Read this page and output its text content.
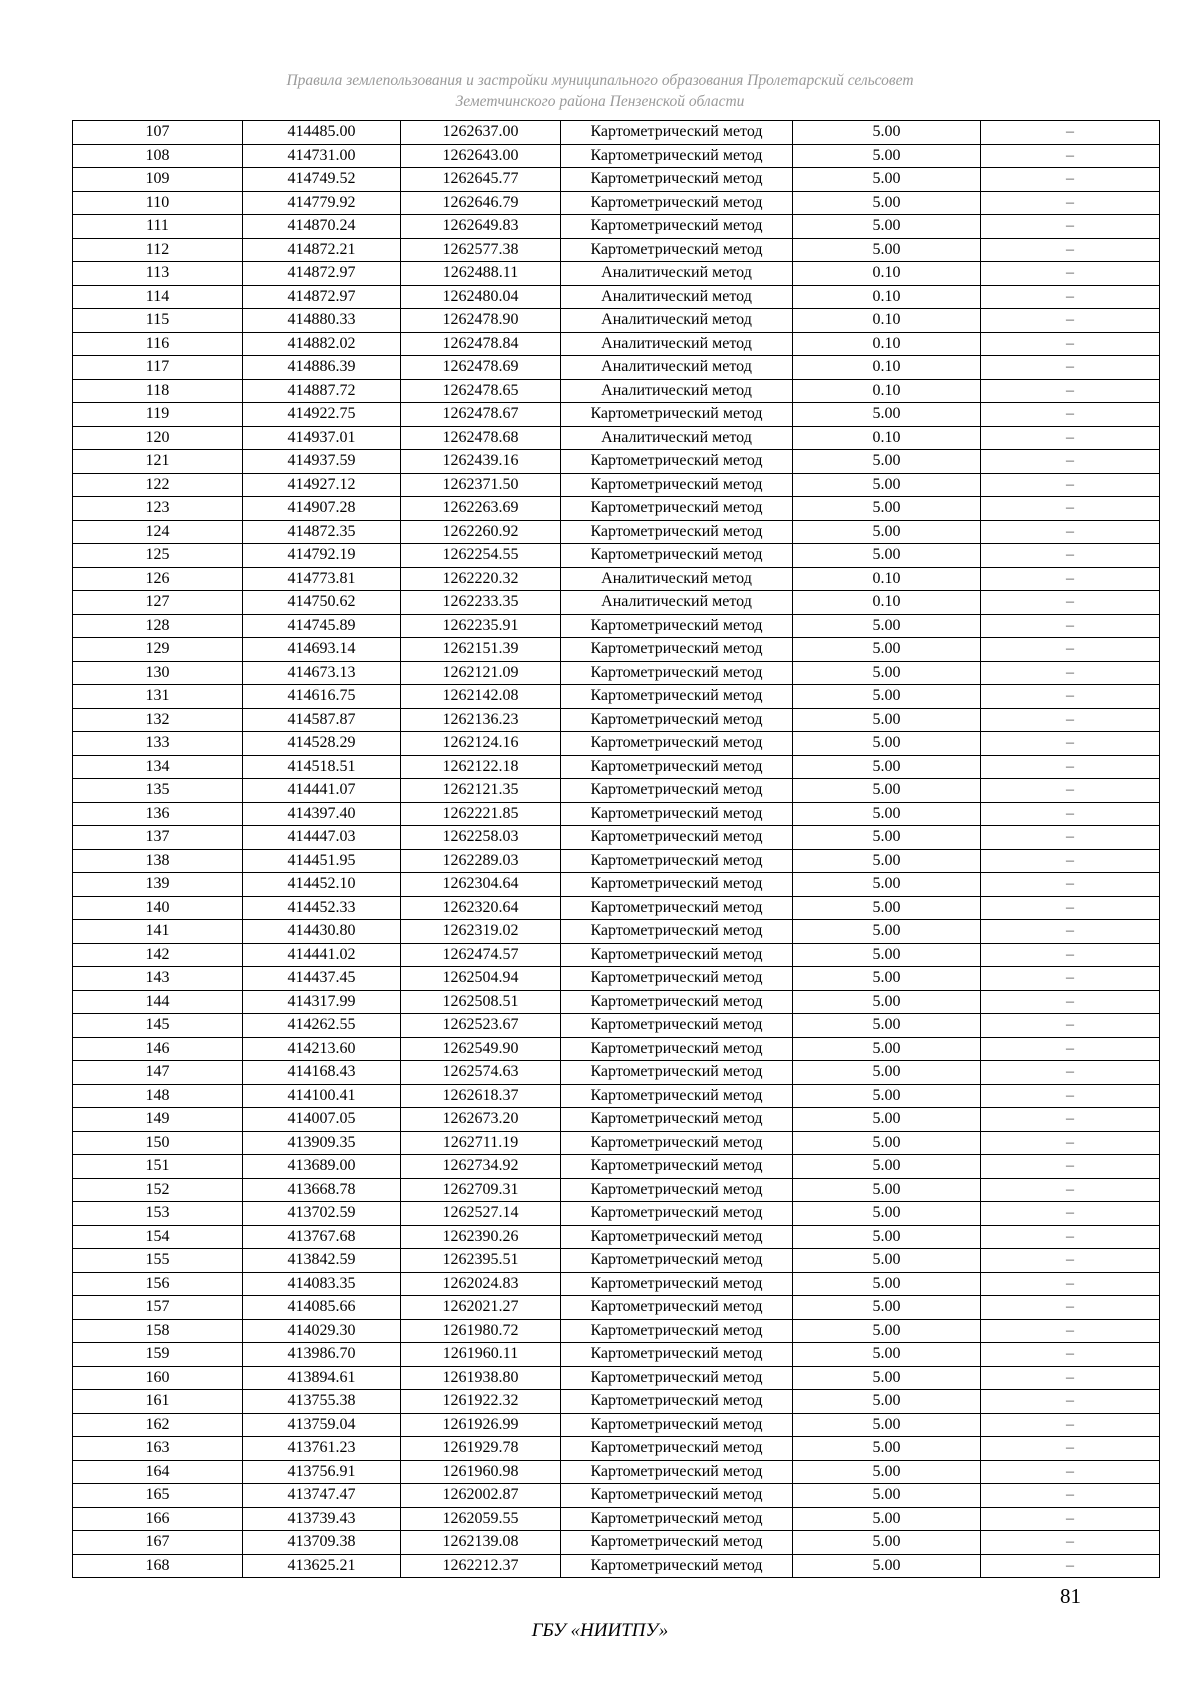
Правила землепользования и застройки муниципального образования Пролетарский сельсовет
Земетчинского района Пензенской области
107	414485.00	1262637.00	Картометрический метод	5.00	–
108	414731.00	1262643.00	Картометрический метод	5.00	–
109	414749.52	1262645.77	Картометрический метод	5.00	–
110	414779.92	1262646.79	Картометрический метод	5.00	–
111	414870.24	1262649.83	Картометрический метод	5.00	–
112	414872.21	1262577.38	Картометрический метод	5.00	–
113	414872.97	1262488.11	Аналитический метод	0.10	–
114	414872.97	1262480.04	Аналитический метод	0.10	–
115	414880.33	1262478.90	Аналитический метод	0.10	–
116	414882.02	1262478.84	Аналитический метод	0.10	–
117	414886.39	1262478.69	Аналитический метод	0.10	–
118	414887.72	1262478.65	Аналитический метод	0.10	–
119	414922.75	1262478.67	Картометрический метод	5.00	–
120	414937.01	1262478.68	Аналитический метод	0.10	–
121	414937.59	1262439.16	Картометрический метод	5.00	–
122	414927.12	1262371.50	Картометрический метод	5.00	–
123	414907.28	1262263.69	Картометрический метод	5.00	–
124	414872.35	1262260.92	Картометрический метод	5.00	–
125	414792.19	1262254.55	Картометрический метод	5.00	–
126	414773.81	1262220.32	Аналитический метод	0.10	–
127	414750.62	1262233.35	Аналитический метод	0.10	–
128	414745.89	1262235.91	Картометрический метод	5.00	–
129	414693.14	1262151.39	Картометрический метод	5.00	–
130	414673.13	1262121.09	Картометрический метод	5.00	–
131	414616.75	1262142.08	Картометрический метод	5.00	–
132	414587.87	1262136.23	Картометрический метод	5.00	–
133	414528.29	1262124.16	Картометрический метод	5.00	–
134	414518.51	1262122.18	Картометрический метод	5.00	–
135	414441.07	1262121.35	Картометрический метод	5.00	–
136	414397.40	1262221.85	Картометрический метод	5.00	–
137	414447.03	1262258.03	Картометрический метод	5.00	–
138	414451.95	1262289.03	Картометрический метод	5.00	–
139	414452.10	1262304.64	Картометрический метод	5.00	–
140	414452.33	1262320.64	Картометрический метод	5.00	–
141	414430.80	1262319.02	Картометрический метод	5.00	–
142	414441.02	1262474.57	Картометрический метод	5.00	–
143	414437.45	1262504.94	Картометрический метод	5.00	–
144	414317.99	1262508.51	Картометрический метод	5.00	–
145	414262.55	1262523.67	Картометрический метод	5.00	–
146	414213.60	1262549.90	Картометрический метод	5.00	–
147	414168.43	1262574.63	Картометрический метод	5.00	–
148	414100.41	1262618.37	Картометрический метод	5.00	–
149	414007.05	1262673.20	Картометрический метод	5.00	–
150	413909.35	1262711.19	Картометрический метод	5.00	–
151	413689.00	1262734.92	Картометрический метод	5.00	–
152	413668.78	1262709.31	Картометрический метод	5.00	–
153	413702.59	1262527.14	Картометрический метод	5.00	–
154	413767.68	1262390.26	Картометрический метод	5.00	–
155	413842.59	1262395.51	Картометрический метод	5.00	–
156	414083.35	1262024.83	Картометрический метод	5.00	–
157	414085.66	1262021.27	Картометрический метод	5.00	–
158	414029.30	1261980.72	Картометрический метод	5.00	–
159	413986.70	1261960.11	Картометрический метод	5.00	–
160	413894.61	1261938.80	Картометрический метод	5.00	–
161	413755.38	1261922.32	Картометрический метод	5.00	–
162	413759.04	1261926.99	Картометрический метод	5.00	–
163	413761.23	1261929.78	Картометрический метод	5.00	–
164	413756.91	1261960.98	Картометрический метод	5.00	–
165	413747.47	1262002.87	Картометрический метод	5.00	–
166	413739.43	1262059.55	Картометрический метод	5.00	–
167	413709.38	1262139.08	Картометрический метод	5.00	–
168	413625.21	1262212.37	Картометрический метод	5.00	–
81
ГБУ «НИИТПУ»
